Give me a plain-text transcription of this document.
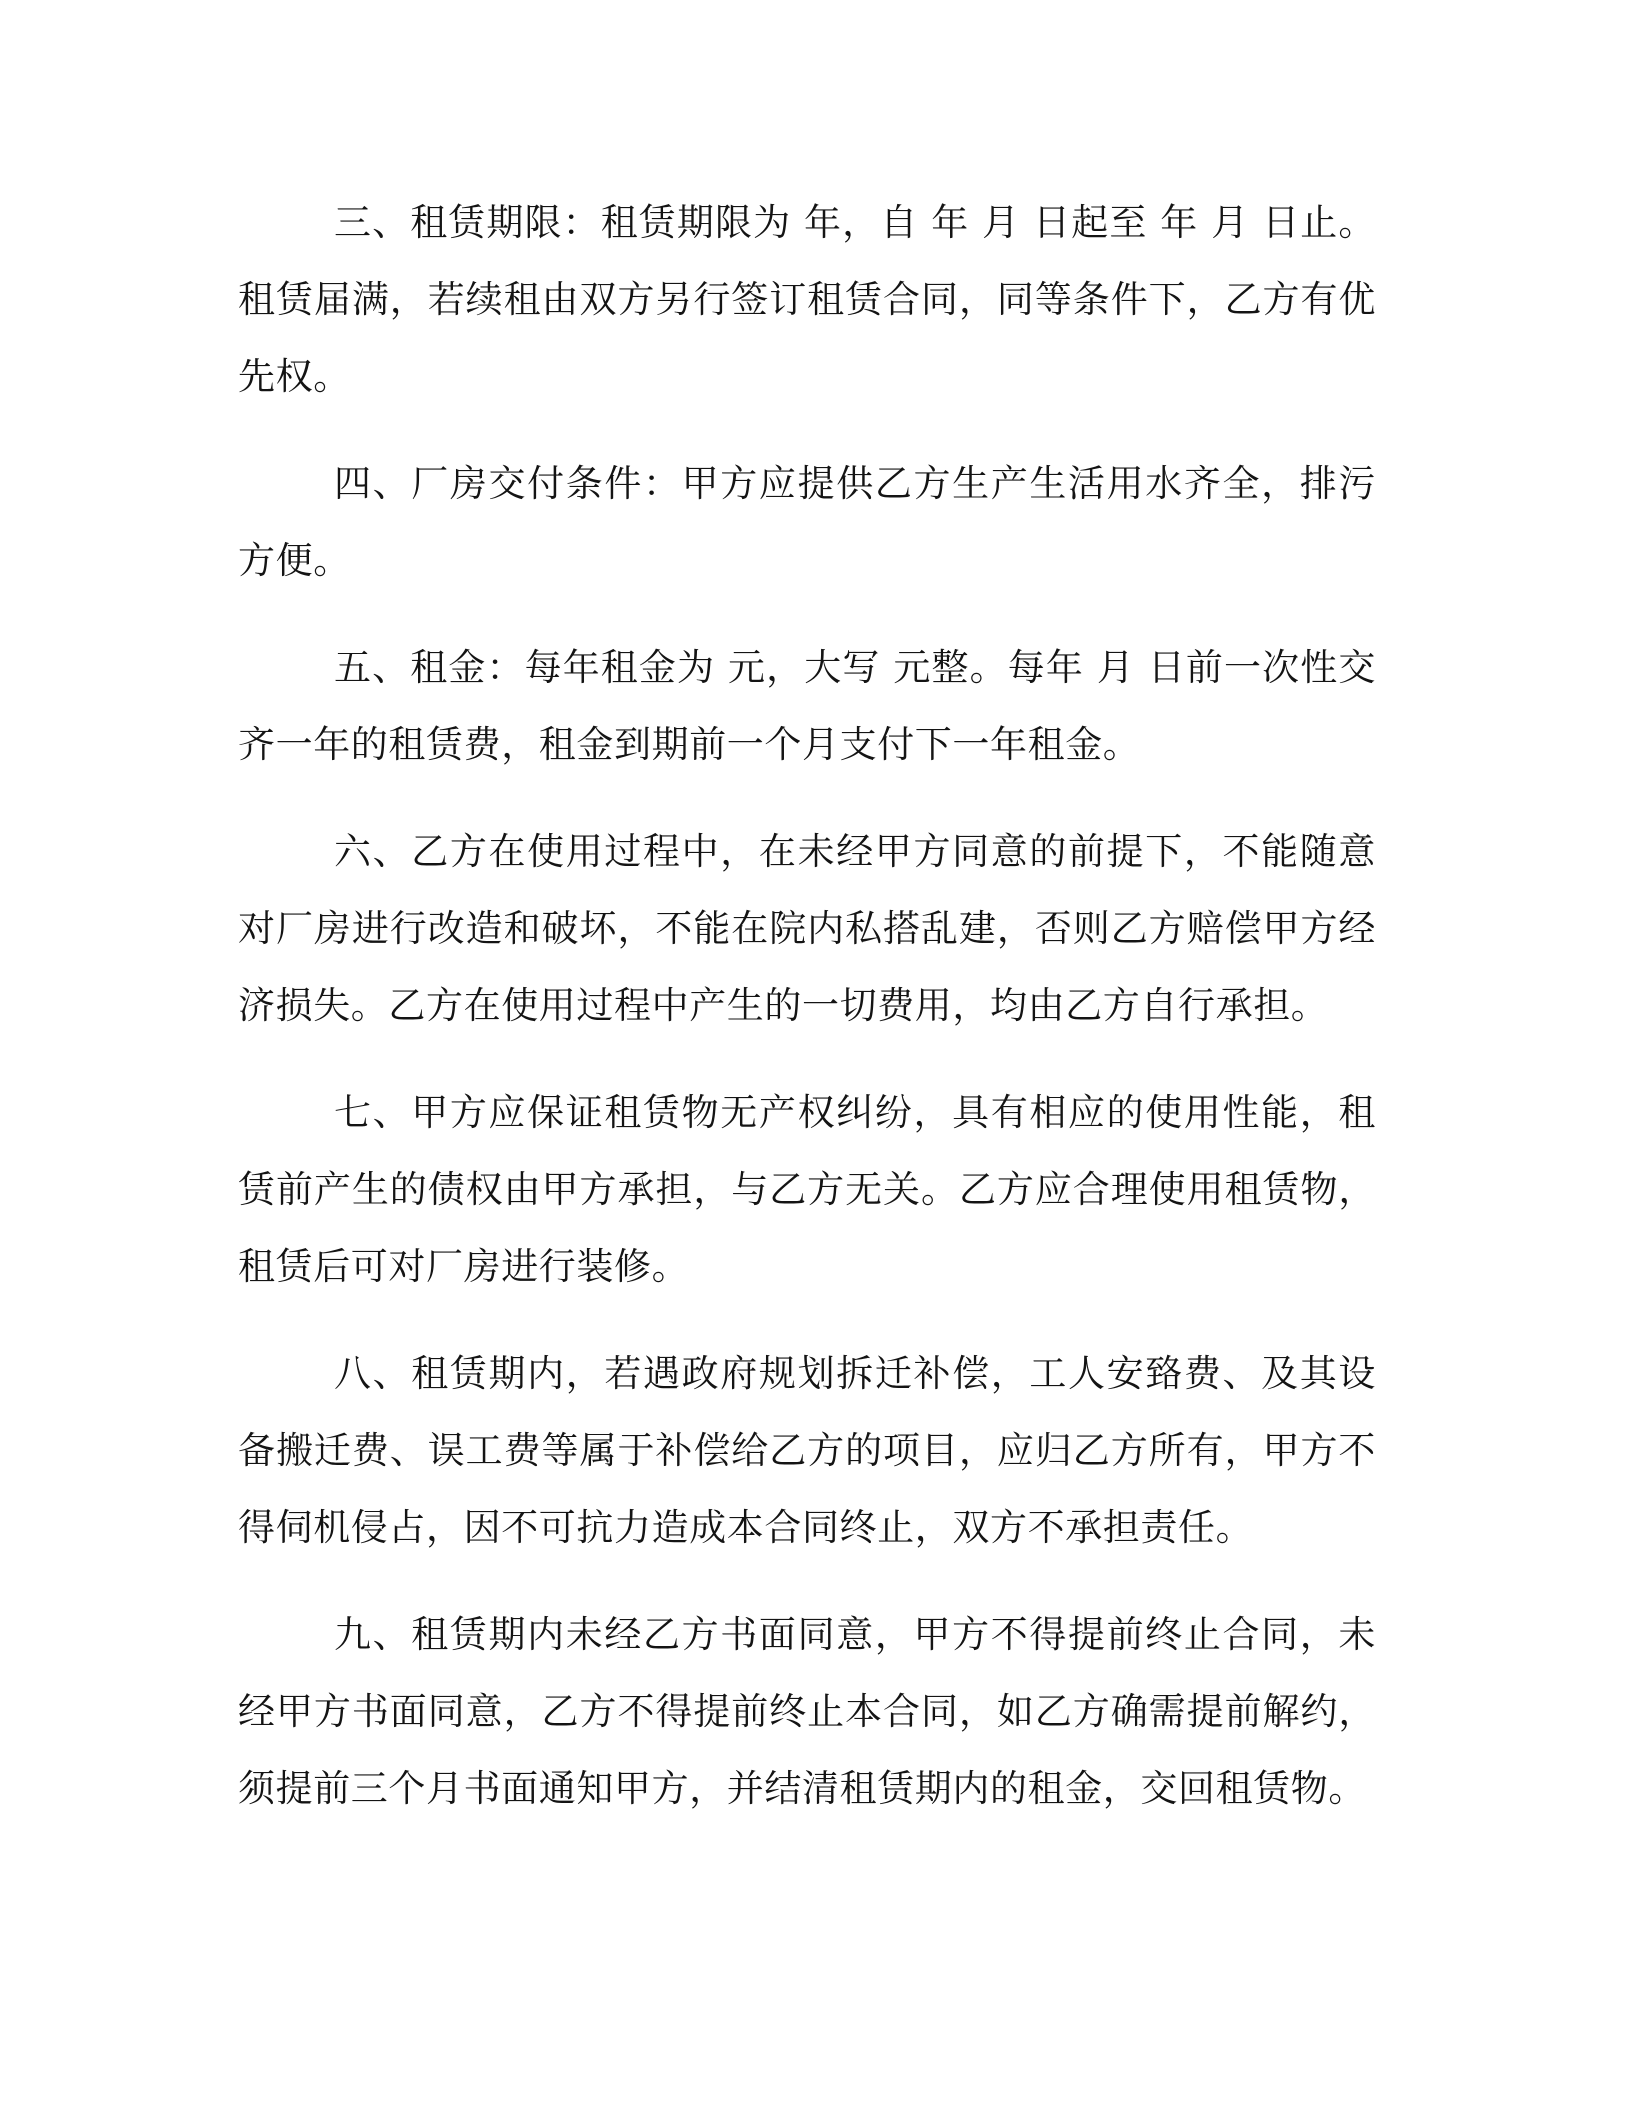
三、租赁期限：租赁期限为 年，自 年 月 日起至 年 月 日止。租赁届满，若续租由双方另行签订租赁合同，同等条件下，乙方有优先权。

四、厂房交付条件：甲方应提供乙方生产生活用水齐全，排污方便。

五、租金：每年租金为 元，大写 元整。每年 月 日前一次性交齐一年的租赁费，租金到期前一个月支付下一年租金。

六、乙方在使用过程中，在未经甲方同意的前提下，不能随意对厂房进行改造和破坏，不能在院内私搭乱建，否则乙方赔偿甲方经济损失。乙方在使用过程中产生的一切费用，均由乙方自行承担。

七、甲方应保证租赁物无产权纠纷，具有相应的使用性能，租赁前产生的债权由甲方承担，与乙方无关。乙方应合理使用租赁物，租赁后可对厂房进行装修。

八、租赁期内，若遇政府规划拆迁补偿，工人安臵费、及其设备搬迁费、误工费等属于补偿给乙方的项目，应归乙方所有，甲方不得伺机侵占，因不可抗力造成本合同终止，双方不承担责任。

九、租赁期内未经乙方书面同意，甲方不得提前终止合同，未经甲方书面同意，乙方不得提前终止本合同，如乙方确需提前解约，须提前三个月书面通知甲方，并结清租赁期内的租金，交回租赁物。
